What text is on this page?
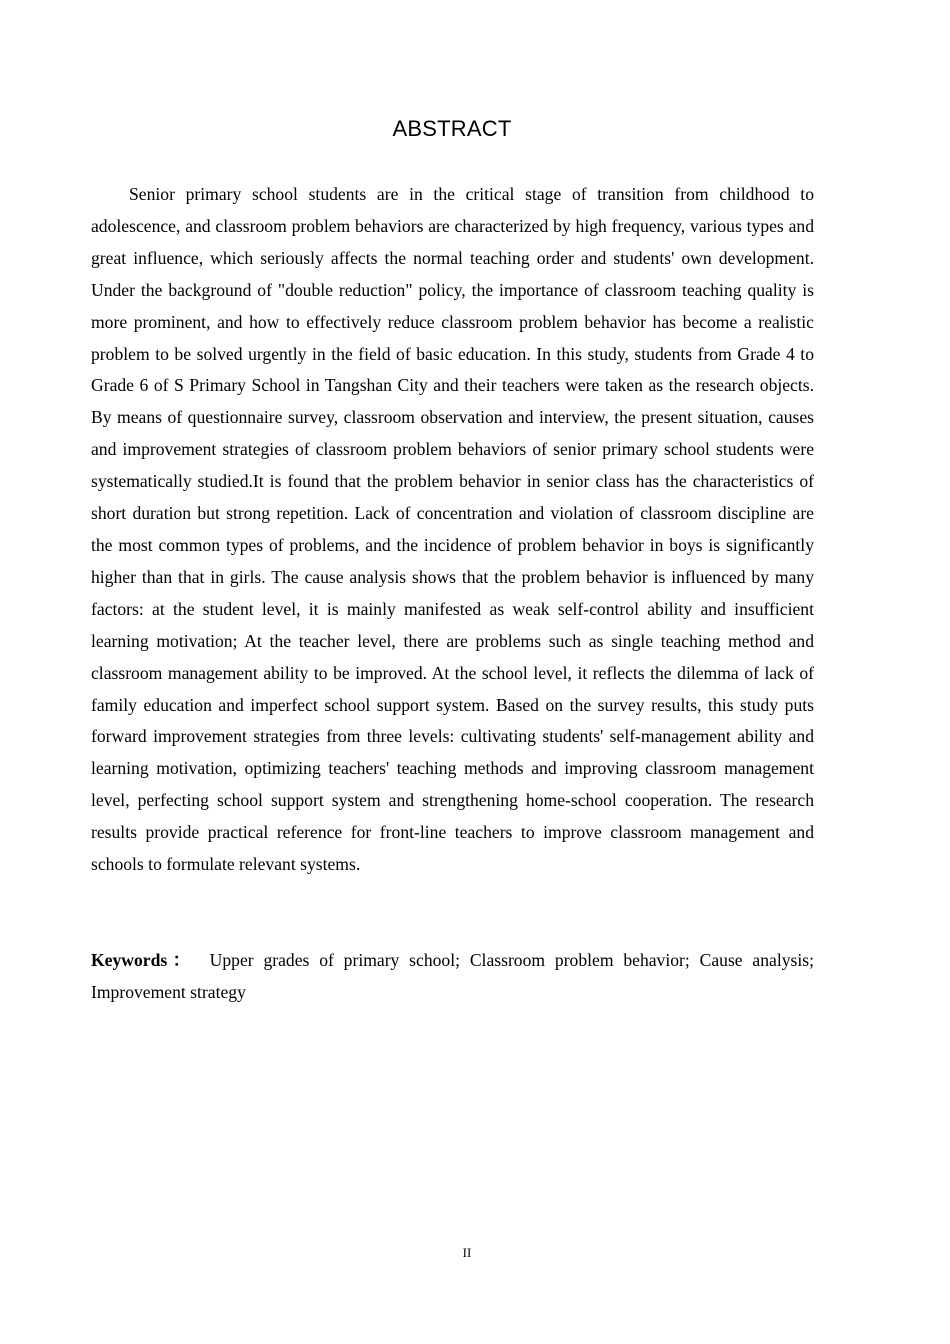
ABSTRACT

Senior primary school students are in the critical stage of transition from childhood to adolescence, and classroom problem behaviors are characterized by high frequency, various types and great influence, which seriously affects the normal teaching order and students' own development. Under the background of "double reduction" policy, the importance of classroom teaching quality is more prominent, and how to effectively reduce classroom problem behavior has become a realistic problem to be solved urgently in the field of basic education. In this study, students from Grade 4 to Grade 6 of S Primary School in Tangshan City and their teachers were taken as the research objects. By means of questionnaire survey, classroom observation and interview, the present situation, causes and improvement strategies of classroom problem behaviors of senior primary school students were systematically studied.It is found that the problem behavior in senior class has the characteristics of short duration but strong repetition. Lack of concentration and violation of classroom discipline are the most common types of problems, and the incidence of problem behavior in boys is significantly higher than that in girls. The cause analysis shows that the problem behavior is influenced by many factors: at the student level, it is mainly manifested as weak self-control ability and insufficient learning motivation; At the teacher level, there are problems such as single teaching method and classroom management ability to be improved. At the school level, it reflects the dilemma of lack of family education and imperfect school support system. Based on the survey results, this study puts forward improvement strategies from three levels: cultivating students' self-management ability and learning motivation, optimizing teachers' teaching methods and improving classroom management level, perfecting school support system and strengthening home-school cooperation. The research results provide practical reference for front-line teachers to improve classroom management and schools to formulate relevant systems.

Keywords： Upper grades of primary school; Classroom problem behavior; Cause analysis; Improvement strategy

II
